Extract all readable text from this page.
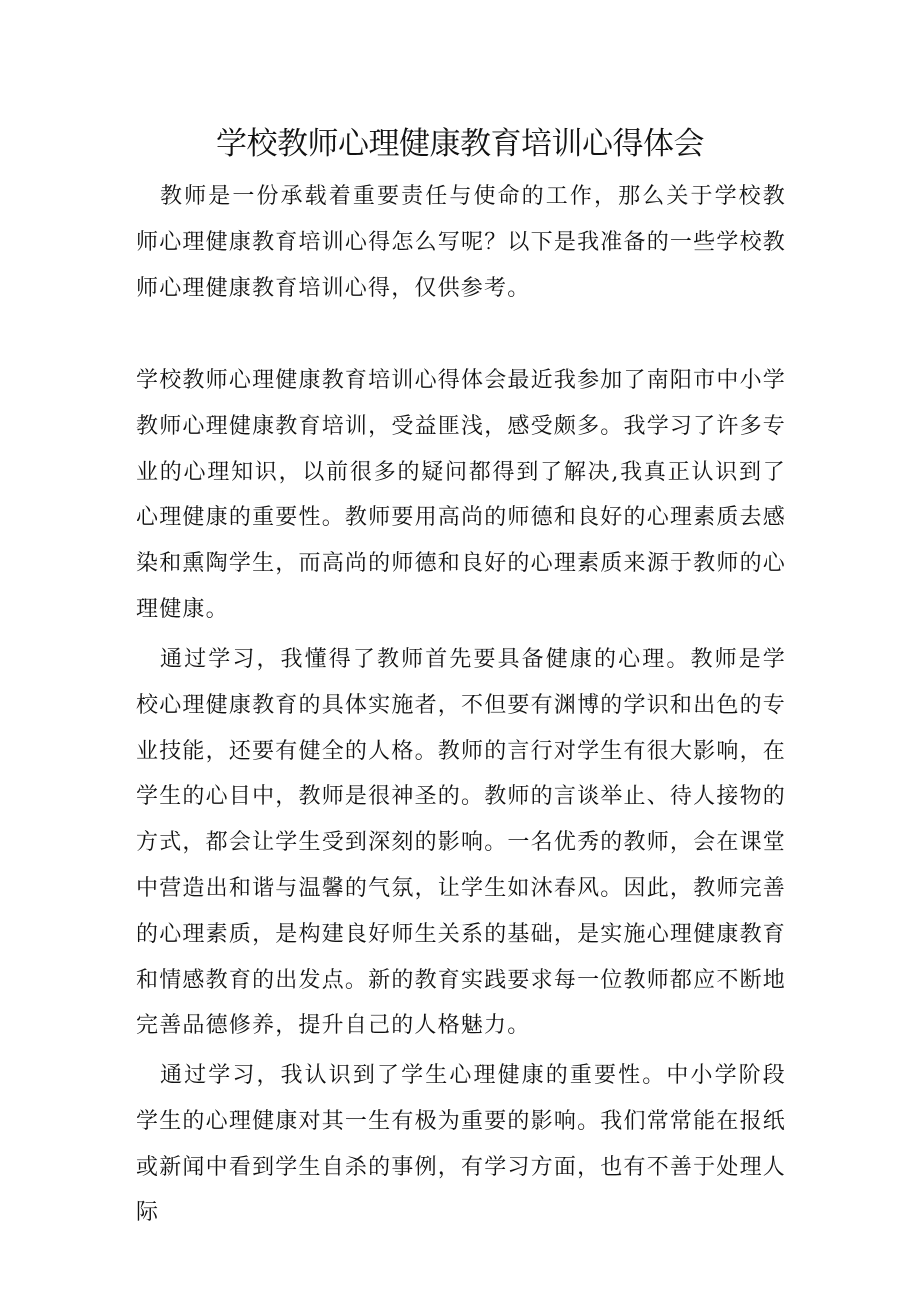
学校教师心理健康教育培训心得体会

教师是一份承载着重要责任与使命的工作，那么关于学校教师心理健康教育培训心得怎么写呢？以下是我准备的一些学校教师心理健康教育培训心得，仅供参考。

学校教师心理健康教育培训心得体会最近我参加了南阳市中小学教师心理健康教育培训，受益匪浅，感受颇多。我学习了许多专业的心理知识，以前很多的疑问都得到了解决,我真正认识到了心理健康的重要性。教师要用高尚的师德和良好的心理素质去感染和熏陶学生，而高尚的师德和良好的心理素质来源于教师的心理健康。

通过学习，我懂得了教师首先要具备健康的心理。教师是学校心理健康教育的具体实施者，不但要有渊博的学识和出色的专业技能，还要有健全的人格。教师的言行对学生有很大影响，在学生的心目中，教师是很神圣的。教师的言谈举止、待人接物的方式，都会让学生受到深刻的影响。一名优秀的教师，会在课堂中营造出和谐与温馨的气氛，让学生如沐春风。因此，教师完善的心理素质，是构建良好师生关系的基础，是实施心理健康教育和情感教育的出发点。新的教育实践要求每一位教师都应不断地完善品德修养，提升自己的人格魅力。

通过学习，我认识到了学生心理健康的重要性。中小学阶段学生的心理健康对其一生有极为重要的影响。我们常常能在报纸或新闻中看到学生自杀的事例，有学习方面，也有不善于处理人际
